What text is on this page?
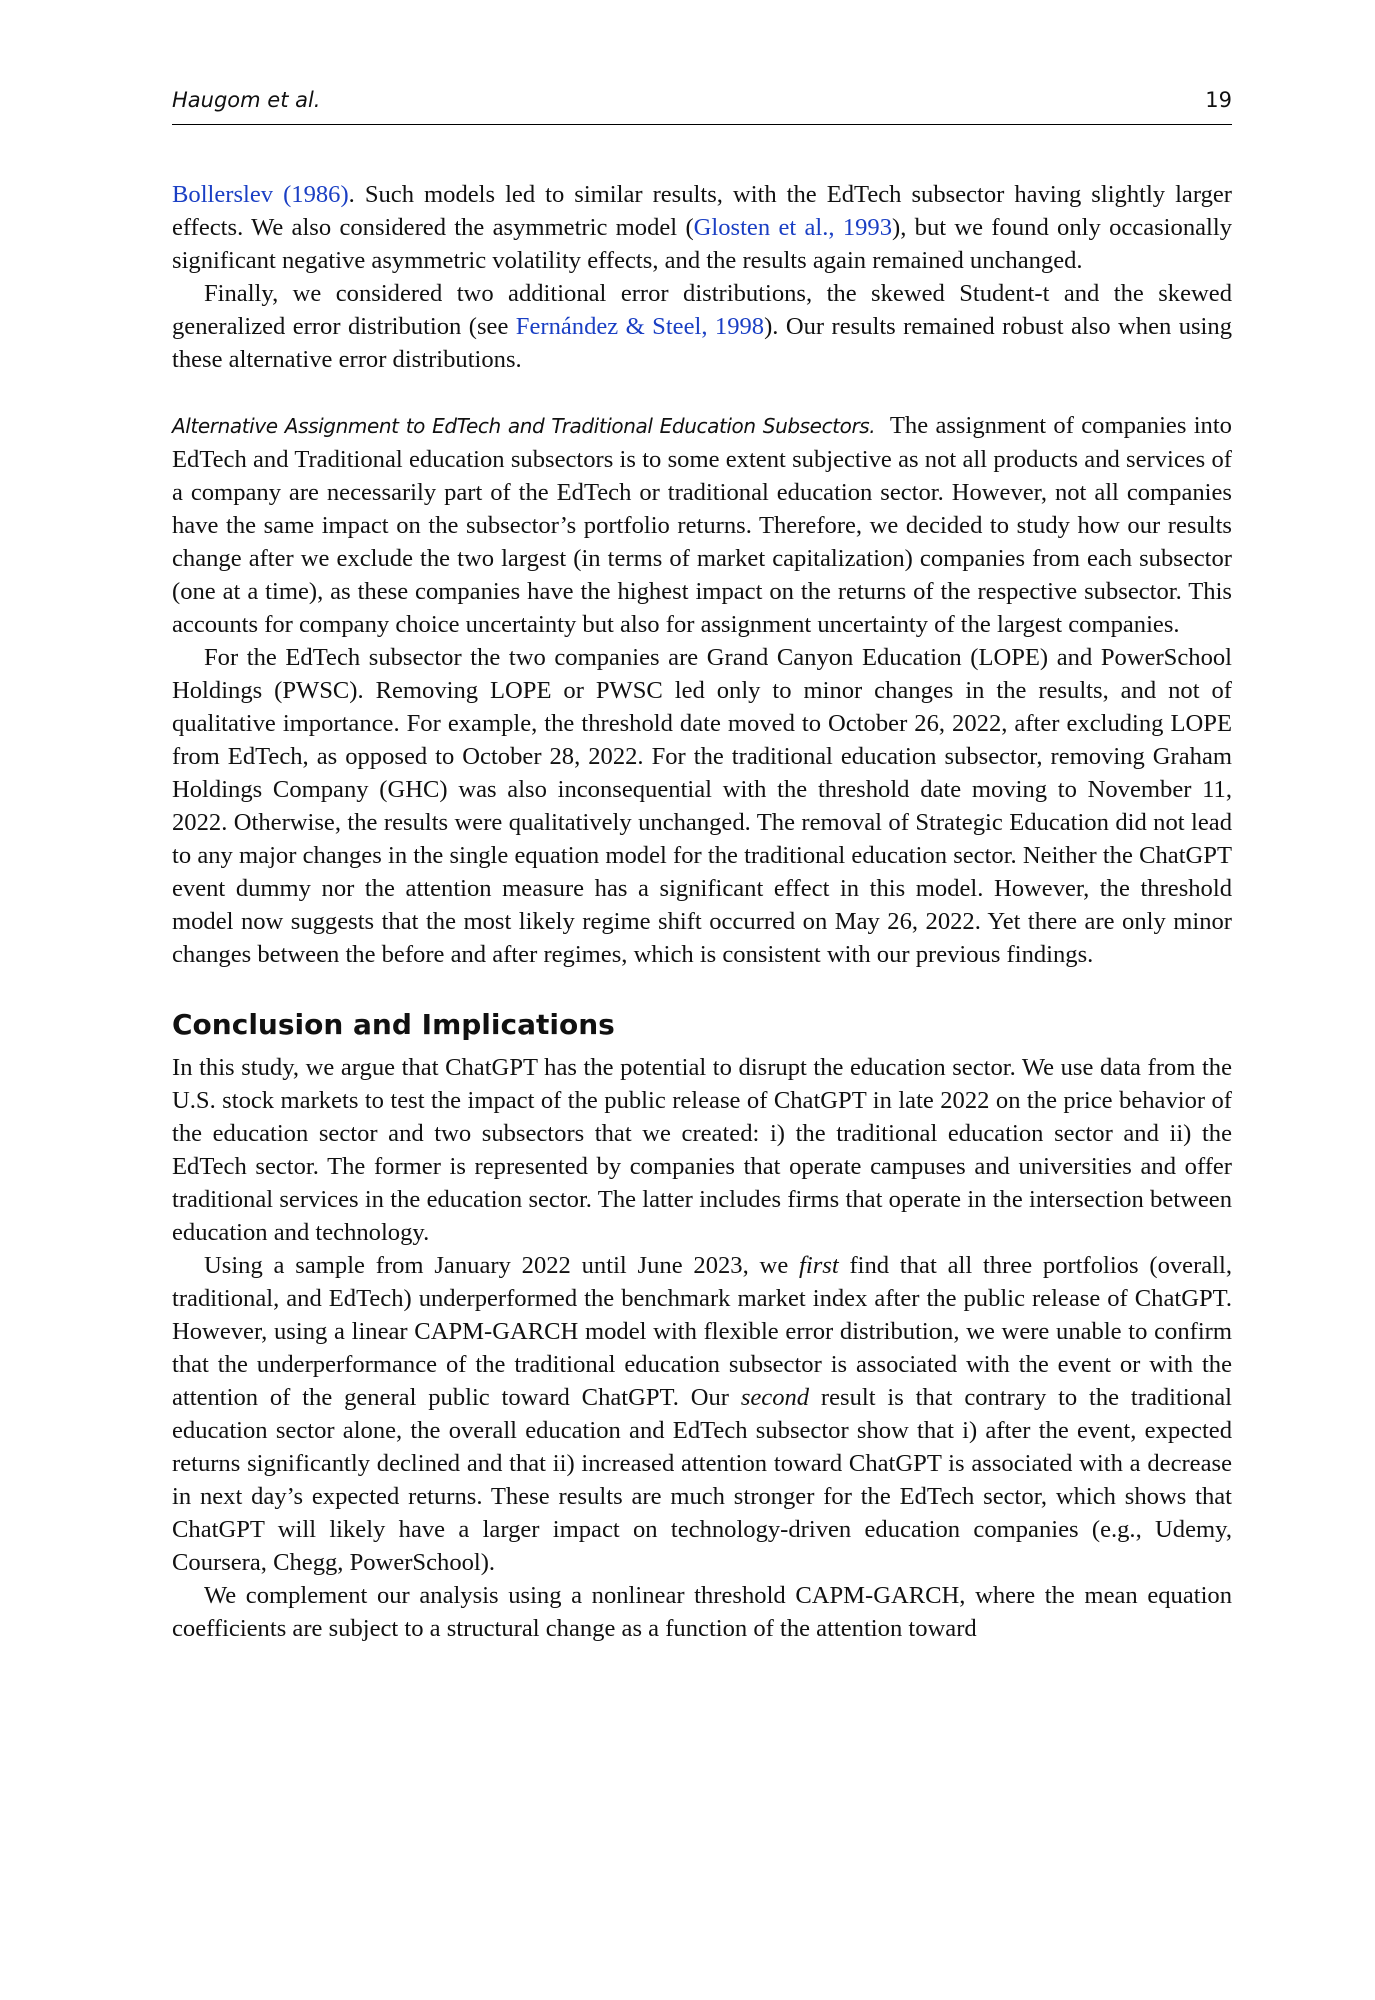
Haugom et al.	19

Bollerslev (1986). Such models led to similar results, with the EdTech subsector having slightly larger effects. We also considered the asymmetric model (Glosten et al., 1993), but we found only occasionally significant negative asymmetric volatility effects, and the results again remained unchanged.

Finally, we considered two additional error distributions, the skewed Student-t and the skewed generalized error distribution (see Fernández & Steel, 1998). Our results remained robust also when using these alternative error distributions.

Alternative Assignment to EdTech and Traditional Education Subsectors. The assignment of companies into EdTech and Traditional education subsectors is to some extent subjective as not all products and services of a company are necessarily part of the EdTech or traditional education sector. However, not all companies have the same impact on the subsector’s portfolio returns. Therefore, we decided to study how our results change after we exclude the two largest (in terms of market capitalization) companies from each subsector (one at a time), as these companies have the highest impact on the returns of the respective subsector. This accounts for company choice uncertainty but also for assignment uncertainty of the largest companies.

For the EdTech subsector the two companies are Grand Canyon Education (LOPE) and PowerSchool Holdings (PWSC). Removing LOPE or PWSC led only to minor changes in the results, and not of qualitative importance. For example, the threshold date moved to October 26, 2022, after excluding LOPE from EdTech, as opposed to October 28, 2022. For the traditional education subsector, removing Graham Holdings Company (GHC) was also inconsequential with the threshold date moving to November 11, 2022. Otherwise, the results were qualitatively unchanged. The removal of Strategic Education did not lead to any major changes in the single equation model for the traditional education sector. Neither the ChatGPT event dummy nor the attention measure has a significant effect in this model. However, the threshold model now suggests that the most likely regime shift occurred on May 26, 2022. Yet there are only minor changes between the before and after regimes, which is consistent with our previous findings.

Conclusion and Implications

In this study, we argue that ChatGPT has the potential to disrupt the education sector. We use data from the U.S. stock markets to test the impact of the public release of ChatGPT in late 2022 on the price behavior of the education sector and two subsectors that we created: i) the traditional education sector and ii) the EdTech sector. The former is represented by companies that operate campuses and universities and offer traditional services in the education sector. The latter includes firms that operate in the intersection between education and technology.

Using a sample from January 2022 until June 2023, we first find that all three portfolios (overall, traditional, and EdTech) underperformed the benchmark market index after the public release of ChatGPT. However, using a linear CAPM-GARCH model with flexible error distribution, we were unable to confirm that the underperformance of the traditional education subsector is associated with the event or with the attention of the general public toward ChatGPT. Our second result is that contrary to the traditional education sector alone, the overall education and EdTech subsector show that i) after the event, expected returns significantly declined and that ii) increased attention toward ChatGPT is associated with a decrease in next day’s expected returns. These results are much stronger for the EdTech sector, which shows that ChatGPT will likely have a larger impact on technology-driven education companies (e.g., Udemy, Coursera, Chegg, PowerSchool).

We complement our analysis using a nonlinear threshold CAPM-GARCH, where the mean equation coefficients are subject to a structural change as a function of the attention toward
